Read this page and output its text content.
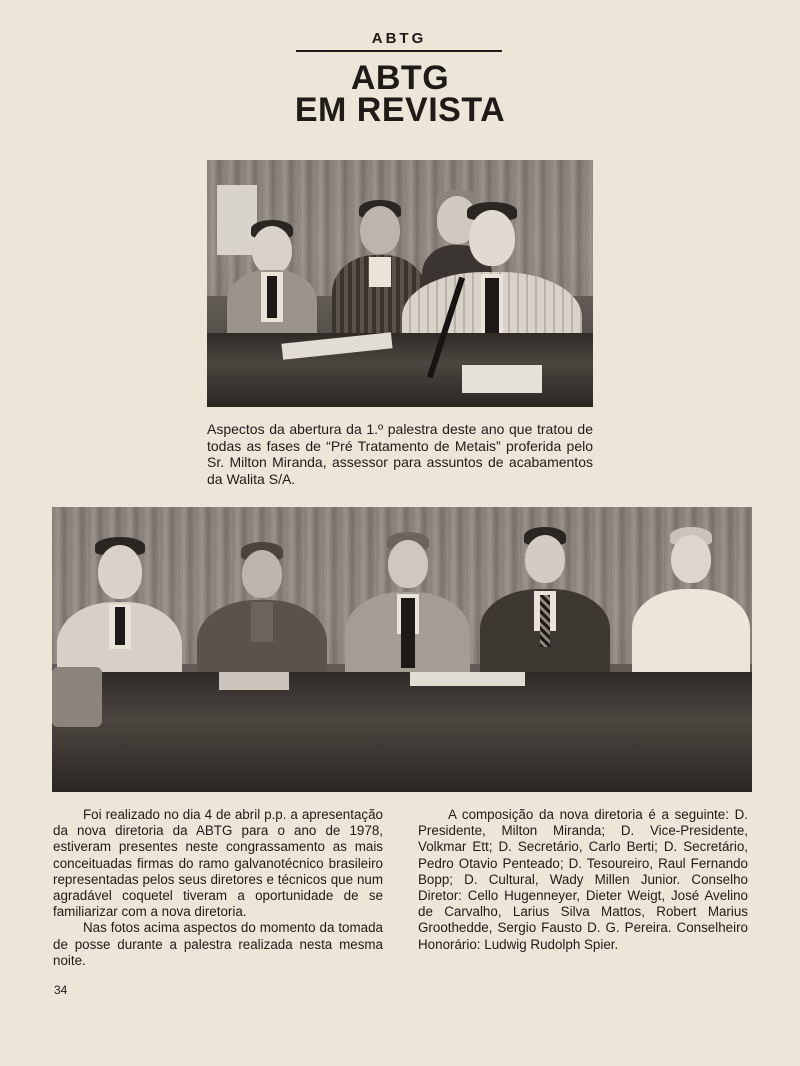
ABTG
ABTG
EM REVISTA
Aspectos da abertura da 1.º palestra deste ano que tratou de todas as fases de “Pré Tratamento de Metais” proferida pelo Sr. Milton Miranda, assessor para assuntos de acabamentos da Walita S/A.

Foi realizado no dia 4 de abril p.p. a apresentação da nova diretoria da ABTG para o ano de 1978, estiveram presentes neste congrassamento as mais conceituadas firmas do ramo galvanotécnico brasileiro representadas pelos seus diretores e técnicos que num agradável coquetel tiveram a oportunidade de se familiarizar com a nova diretoria.

Nas fotos acima aspectos do momento da tomada de posse durante a palestra realizada nesta mesma noite.

A composição da nova diretoria é a seguinte: D. Presidente, Milton Miranda; D. Vice-Presidente, Volkmar Ett; D. Secretário, Carlo Berti; D. Secretário, Pedro Otavio Penteado; D. Tesoureiro, Raul Fernando Bopp; D. Cultural, Wady Millen Junior. Conselho Diretor: Cello Hugenneyer, Dieter Weigt, José Avelino de Carvalho, Larius Silva Mattos, Robert Marius Groothedde, Sergio Fausto D. G. Pereira. Conselheiro Honorário: Ludwig Rudolph Spier.

34
